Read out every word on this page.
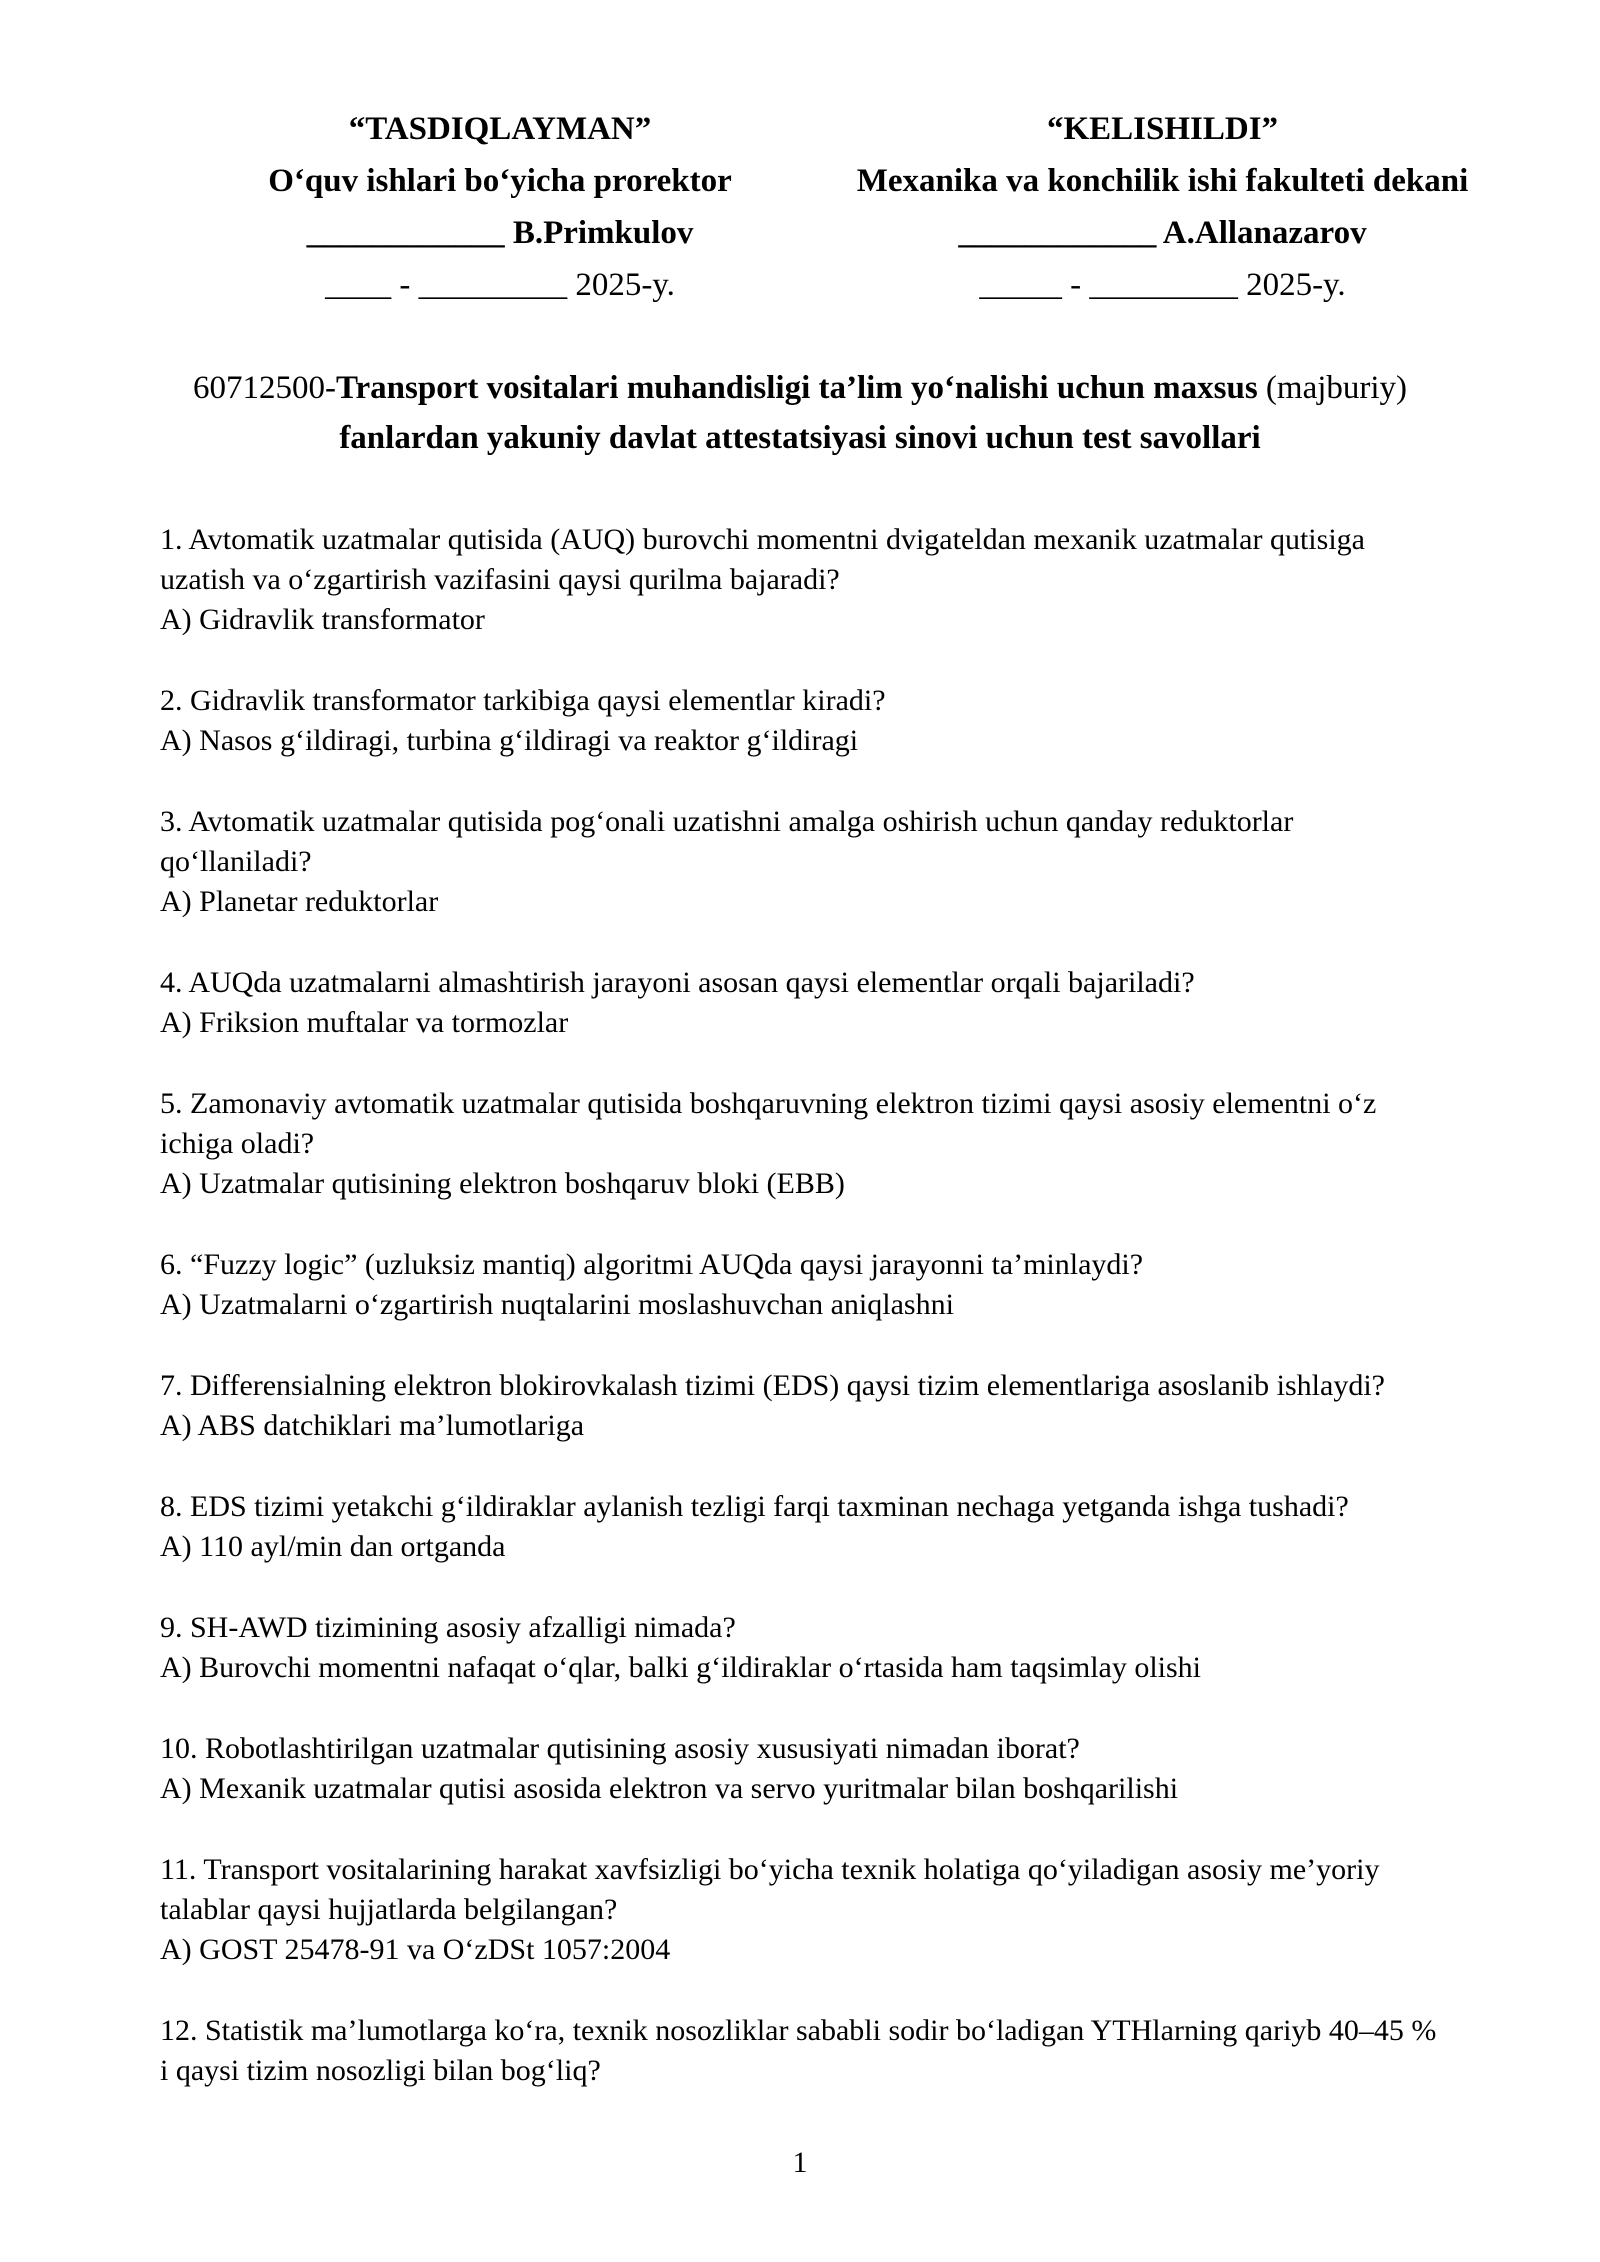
“TASDIQLAYMAN”
O‘quv ishlari bo‘yicha prorektor
____________ B.Primkulov
____ - _________ 2025-y.
“KELISHILDI”
Mexanika va konchilik ishi fakulteti dekani
____________ A.Allanazarov
_____ - _________ 2025-y.
60712500-Transport vositalari muhandisligi ta’lim yo‘nalishi uchun maxsus (majburiy) fanlardan yakuniy davlat attestatsiyasi sinovi uchun test savollari
1. Avtomatik uzatmalar qutisida (AUQ) burovchi momentni dvigateldan mexanik uzatmalar qutisiga uzatish va o‘zgartirish vazifasini qaysi qurilma bajaradi?
A) Gidravlik transformator
2. Gidravlik transformator tarkibiga qaysi elementlar kiradi?
A) Nasos g‘ildiragi, turbina g‘ildiragi va reaktor g‘ildiragi
3. Avtomatik uzatmalar qutisida pog‘onali uzatishni amalga oshirish uchun qanday reduktorlar qo‘llaniladi?
A) Planetar reduktorlar
4. AUQda uzatmalarni almashtirish jarayoni asosan qaysi elementlar orqali bajariladi?
A) Friksion muftalar va tormozlar
5. Zamonaviy avtomatik uzatmalar qutisida boshqaruvning elektron tizimi qaysi asosiy elementni o‘z ichiga oladi?
A) Uzatmalar qutisining elektron boshqaruv bloki (EBB)
6. “Fuzzy logic” (uzluksiz mantiq) algoritmi AUQda qaysi jarayonni ta’minlaydi?
A) Uzatmalarni o‘zgartirish nuqtalarini moslashuvchan aniqlashni
7. Differensialning elektron blokirovkalash tizimi (EDS) qaysi tizim elementlariga asoslanib ishlaydi?
A) ABS datchiklari ma’lumotlariga
8. EDS tizimi yetakchi g‘ildiraklar aylanish tezligi farqi taxminan nechaga yetganda ishga tushadi?
A) 110 ayl/min dan ortganda
9. SH-AWD tizimining asosiy afzalligi nimada?
A) Burovchi momentni nafaqat o‘qlar, balki g‘ildiraklar o‘rtasida ham taqsimlay olishi
10. Robotlashtirilgan uzatmalar qutisining asosiy xususiyati nimadan iborat?
A) Mexanik uzatmalar qutisi asosida elektron va servo yuritmalar bilan boshqarilishi
11. Transport vositalarining harakat xavfsizligi bo‘yicha texnik holatiga qo‘yiladigan asosiy me’yoriy talablar qaysi hujjatlarda belgilangan?
A) GOST 25478-91 va O‘zDSt 1057:2004
12. Statistik ma’lumotlarga ko‘ra, texnik nosozliklar sababli sodir bo‘ladigan YTHlarning qariyb 40–45 % i qaysi tizim nosozligi bilan bog‘liq?
1
